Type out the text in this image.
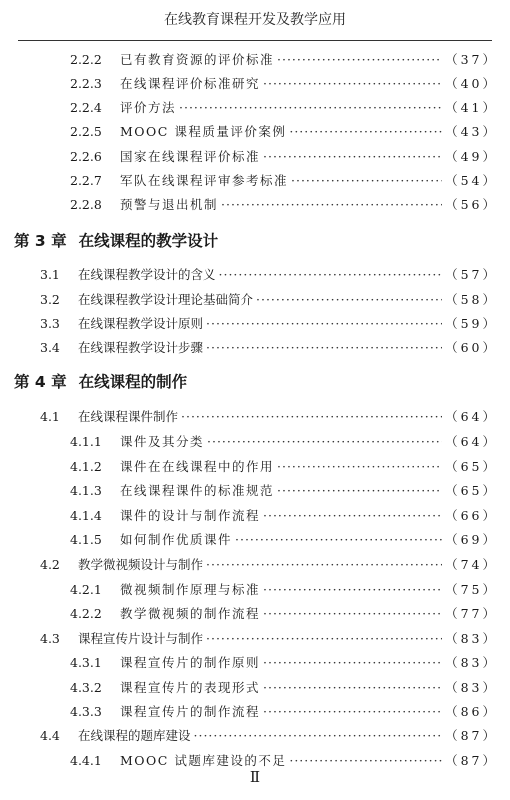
在线教育课程开发及教学应用
2.2.2	已有教育资源的评价标准 ·····	（37）
2.2.3	在线课程评价标准研究 ·····	（40）
2.2.4	评价方法 ·····	（41）
2.2.5	MOOC 课程质量评价案例 ·····	（43）
2.2.6	国家在线课程评价标准 ·····	（49）
2.2.7	军队在线课程评审参考标准 ·····	（54）
2.2.8	预警与退出机制 ·····	（56）
第 3 章 在线课程的教学设计
3.1	在线课程教学设计的含义 ·····	（57）
3.2	在线课程教学设计理论基础简介 ·····	（58）
3.3	在线课程教学设计原则 ·····	（59）
3.4	在线课程教学设计步骤 ·····	（60）
第 4 章 在线课程的制作
4.1	在线课程课件制作 ·····	（64）
4.1.1	课件及其分类 ·····	（64）
4.1.2	课件在在线课程中的作用 ·····	（65）
4.1.3	在线课程课件的标准规范 ·····	（65）
4.1.4	课件的设计与制作流程 ·····	（66）
4.1.5	如何制作优质课件 ·····	（69）
4.2	教学微视频设计与制作 ·····	（74）
4.2.1	微视频制作原理与标准 ·····	（75）
4.2.2	教学微视频的制作流程 ·····	（77）
4.3	课程宣传片设计与制作 ·····	（83）
4.3.1	课程宣传片的制作原则 ·····	（83）
4.3.2	课程宣传片的表现形式 ·····	（83）
4.3.3	课程宣传片的制作流程 ·····	（86）
4.4	在线课程的题库建设 ·····	（87）
4.4.1	MOOC 试题库建设的不足 ·····	（87）
Ⅱ
